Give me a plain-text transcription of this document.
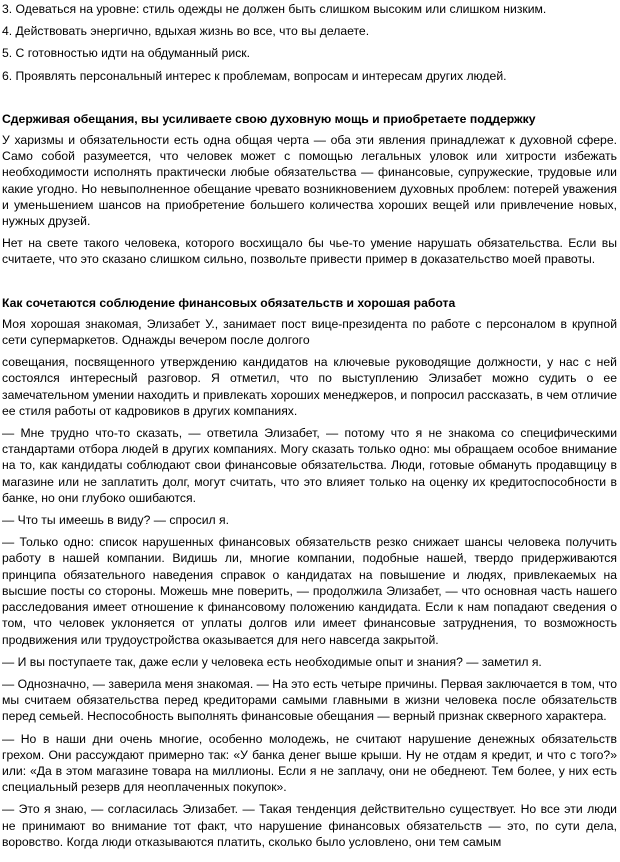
3. Одеваться на уровне: стиль одежды не должен быть слишком высоким или слишком низким.
4. Действовать энергично, вдыхая жизнь во все, что вы делаете.
5. С готовностью идти на обдуманный риск.
6. Проявлять персональный интерес к проблемам, вопросам и интересам других людей.
Сдерживая обещания, вы усиливаете свою духовную мощь и приобретаете поддержку

У харизмы и обязательности есть одна общая черта — оба эти явления принадлежат к духовной сфере. Само собой разумеется, что человек может с помощью легальных уловок или хитрости избежать необходимости исполнять практически любые обязательства — финансовые, супружеские, трудовые или какие угодно. Но невыполненное обещание чревато возникновением духовных проблем: потерей уважения и уменьшением шансов на приобретение большего количества хороших вещей или привлечение новых, нужных друзей.

Нет на свете такого человека, которого восхищало бы чье-то умение нарушать обязательства. Если вы считаете, что это сказано слишком сильно, позвольте привести пример в доказательство моей правоты.

Как сочетаются соблюдение финансовых обязательств и хорошая работа

Моя хорошая знакомая, Элизабет У., занимает пост вице-президента по работе с персоналом в крупной сети супермаркетов. Однажды вечером после долгого

совещания, посвященного утверждению кандидатов на ключевые руководящие должности, у нас с ней состоялся интересный разговор. Я отметил, что по выступлению Элизабет можно судить о ее замечательном умении находить и привлекать хороших менеджеров, и попросил рассказать, в чем отличие ее стиля работы от кадровиков в других компаниях.

— Мне трудно что-то сказать, — ответила Элизабет, — потому что я не знакома со специфическими стандартами отбора людей в других компаниях. Могу сказать только одно: мы обращаем особое внимание на то, как кандидаты соблюдают свои финансовые обязательства. Люди, готовые обмануть продавщицу в магазине или не заплатить долг, могут считать, что это влияет только на оценку их кредитоспособности в банке, но они глубоко ошибаются.

— Что ты имеешь в виду? — спросил я.

— Только одно: список нарушенных финансовых обязательств резко снижает шансы человека получить работу в нашей компании. Видишь ли, многие компании, подобные нашей, твердо придерживаются принципа обязательного наведения справок о кандидатах на повышение и людях, привлекаемых на высшие посты со стороны. Можешь мне поверить, — продолжила Элизабет, — что основная часть нашего расследования имеет отношение к финансовому положению кандидата. Если к нам попадают сведения о том, что человек уклоняется от уплаты долгов или имеет финансовые затруднения, то возможность продвижения или трудоустройства оказывается для него навсегда закрытой.

— И вы поступаете так, даже если у человека есть необходимые опыт и знания? — заметил я.

— Однозначно, — заверила меня знакомая. — На это есть четыре причины. Первая заключается в том, что мы считаем обязательства перед кредиторами самыми главными в жизни человека после обязательств перед семьей. Неспособность выполнять финансовые обещания — верный признак скверного характера.

— Но в наши дни очень многие, особенно молодежь, не считают нарушение денежных обязательств грехом. Они рассуждают примерно так: «У банка денег выше крыши. Ну не отдам я кредит, и что с того?» или: «Да в этом магазине товара на миллионы. Если я не заплачу, они не обеднеют. Тем более, у них есть специальный резерв для неоплаченных покупок».

— Это я знаю, — согласилась Элизабет. — Такая тенденция действительно существует. Но все эти люди не принимают во внимание тот факт, что нарушение финансовых обязательств — это, по сути дела, воровство. Когда люди отказываются платить, сколько было условлено, они тем самым
